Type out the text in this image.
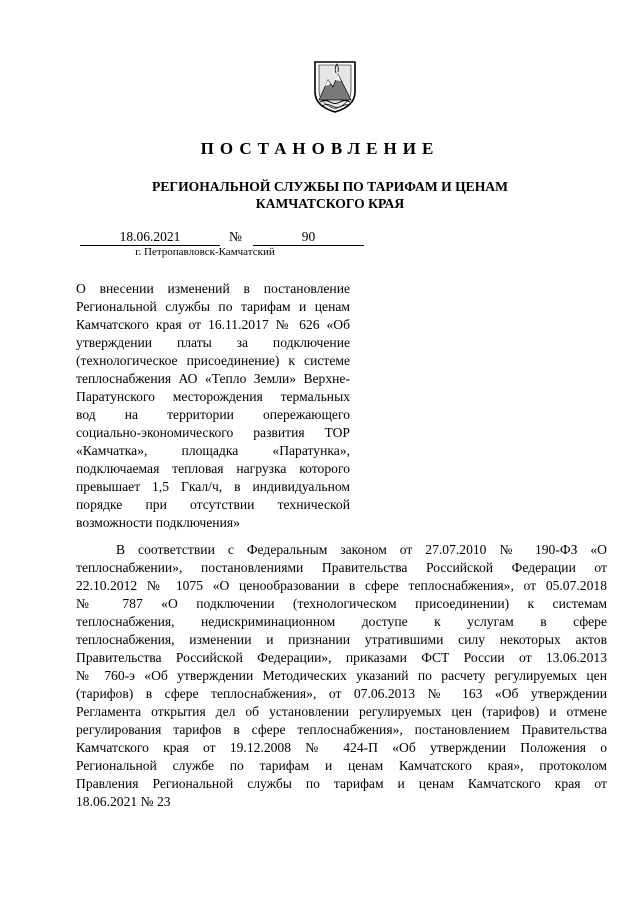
ПОСТАНОВЛЕНИЕ
РЕГИОНАЛЬНОЙ СЛУЖБЫ ПО ТАРИФАМ И ЦЕНАМ
КАМЧАТСКОГО КРАЯ
18.06.2021	№	90
г. Петропавловск-Камчатский

О внесении изменений в постановление

Региональной службы по тарифам и ценам

Камчатского края от 16.11.2017 № 626 «Об

утверждении платы за подключение

(технологическое присоединение) к системе

теплоснабжения АО «Тепло Земли» Верхне-

Паратунского месторождения термальных

вод на территории опережающего

социально-экономического развития ТОР

«Камчатка», площадка «Паратунка»,

подключаемая тепловая нагрузка которого

превышает 1,5 Гкал/ч, в индивидуальном

порядке при отсутствии технической

возможности подключения»

В соответствии с Федеральным законом от 27.07.2010 № 190-ФЗ «О

теплоснабжении», постановлениями Правительства Российской Федерации от

22.10.2012 № 1075 «О ценообразовании в сфере теплоснабжения», от 05.07.2018

№ 787 «О подключении (технологическом присоединении) к системам

теплоснабжения, недискриминационном доступе к услугам в сфере

теплоснабжения, изменении и признании утратившими силу некоторых актов

Правительства Российской Федерации», приказами ФСТ России от 13.06.2013

№ 760-э «Об утверждении Методических указаний по расчету регулируемых цен

(тарифов) в сфере теплоснабжения», от 07.06.2013 № 163 «Об утверждении

Регламента открытия дел об установлении регулируемых цен (тарифов) и отмене

регулирования тарифов в сфере теплоснабжения», постановлением Правительства

Камчатского края от 19.12.2008 № 424-П «Об утверждении Положения о

Региональной службе по тарифам и ценам Камчатского края», протоколом

Правления Региональной службы по тарифам и ценам Камчатского края от

18.06.2021 № 23
